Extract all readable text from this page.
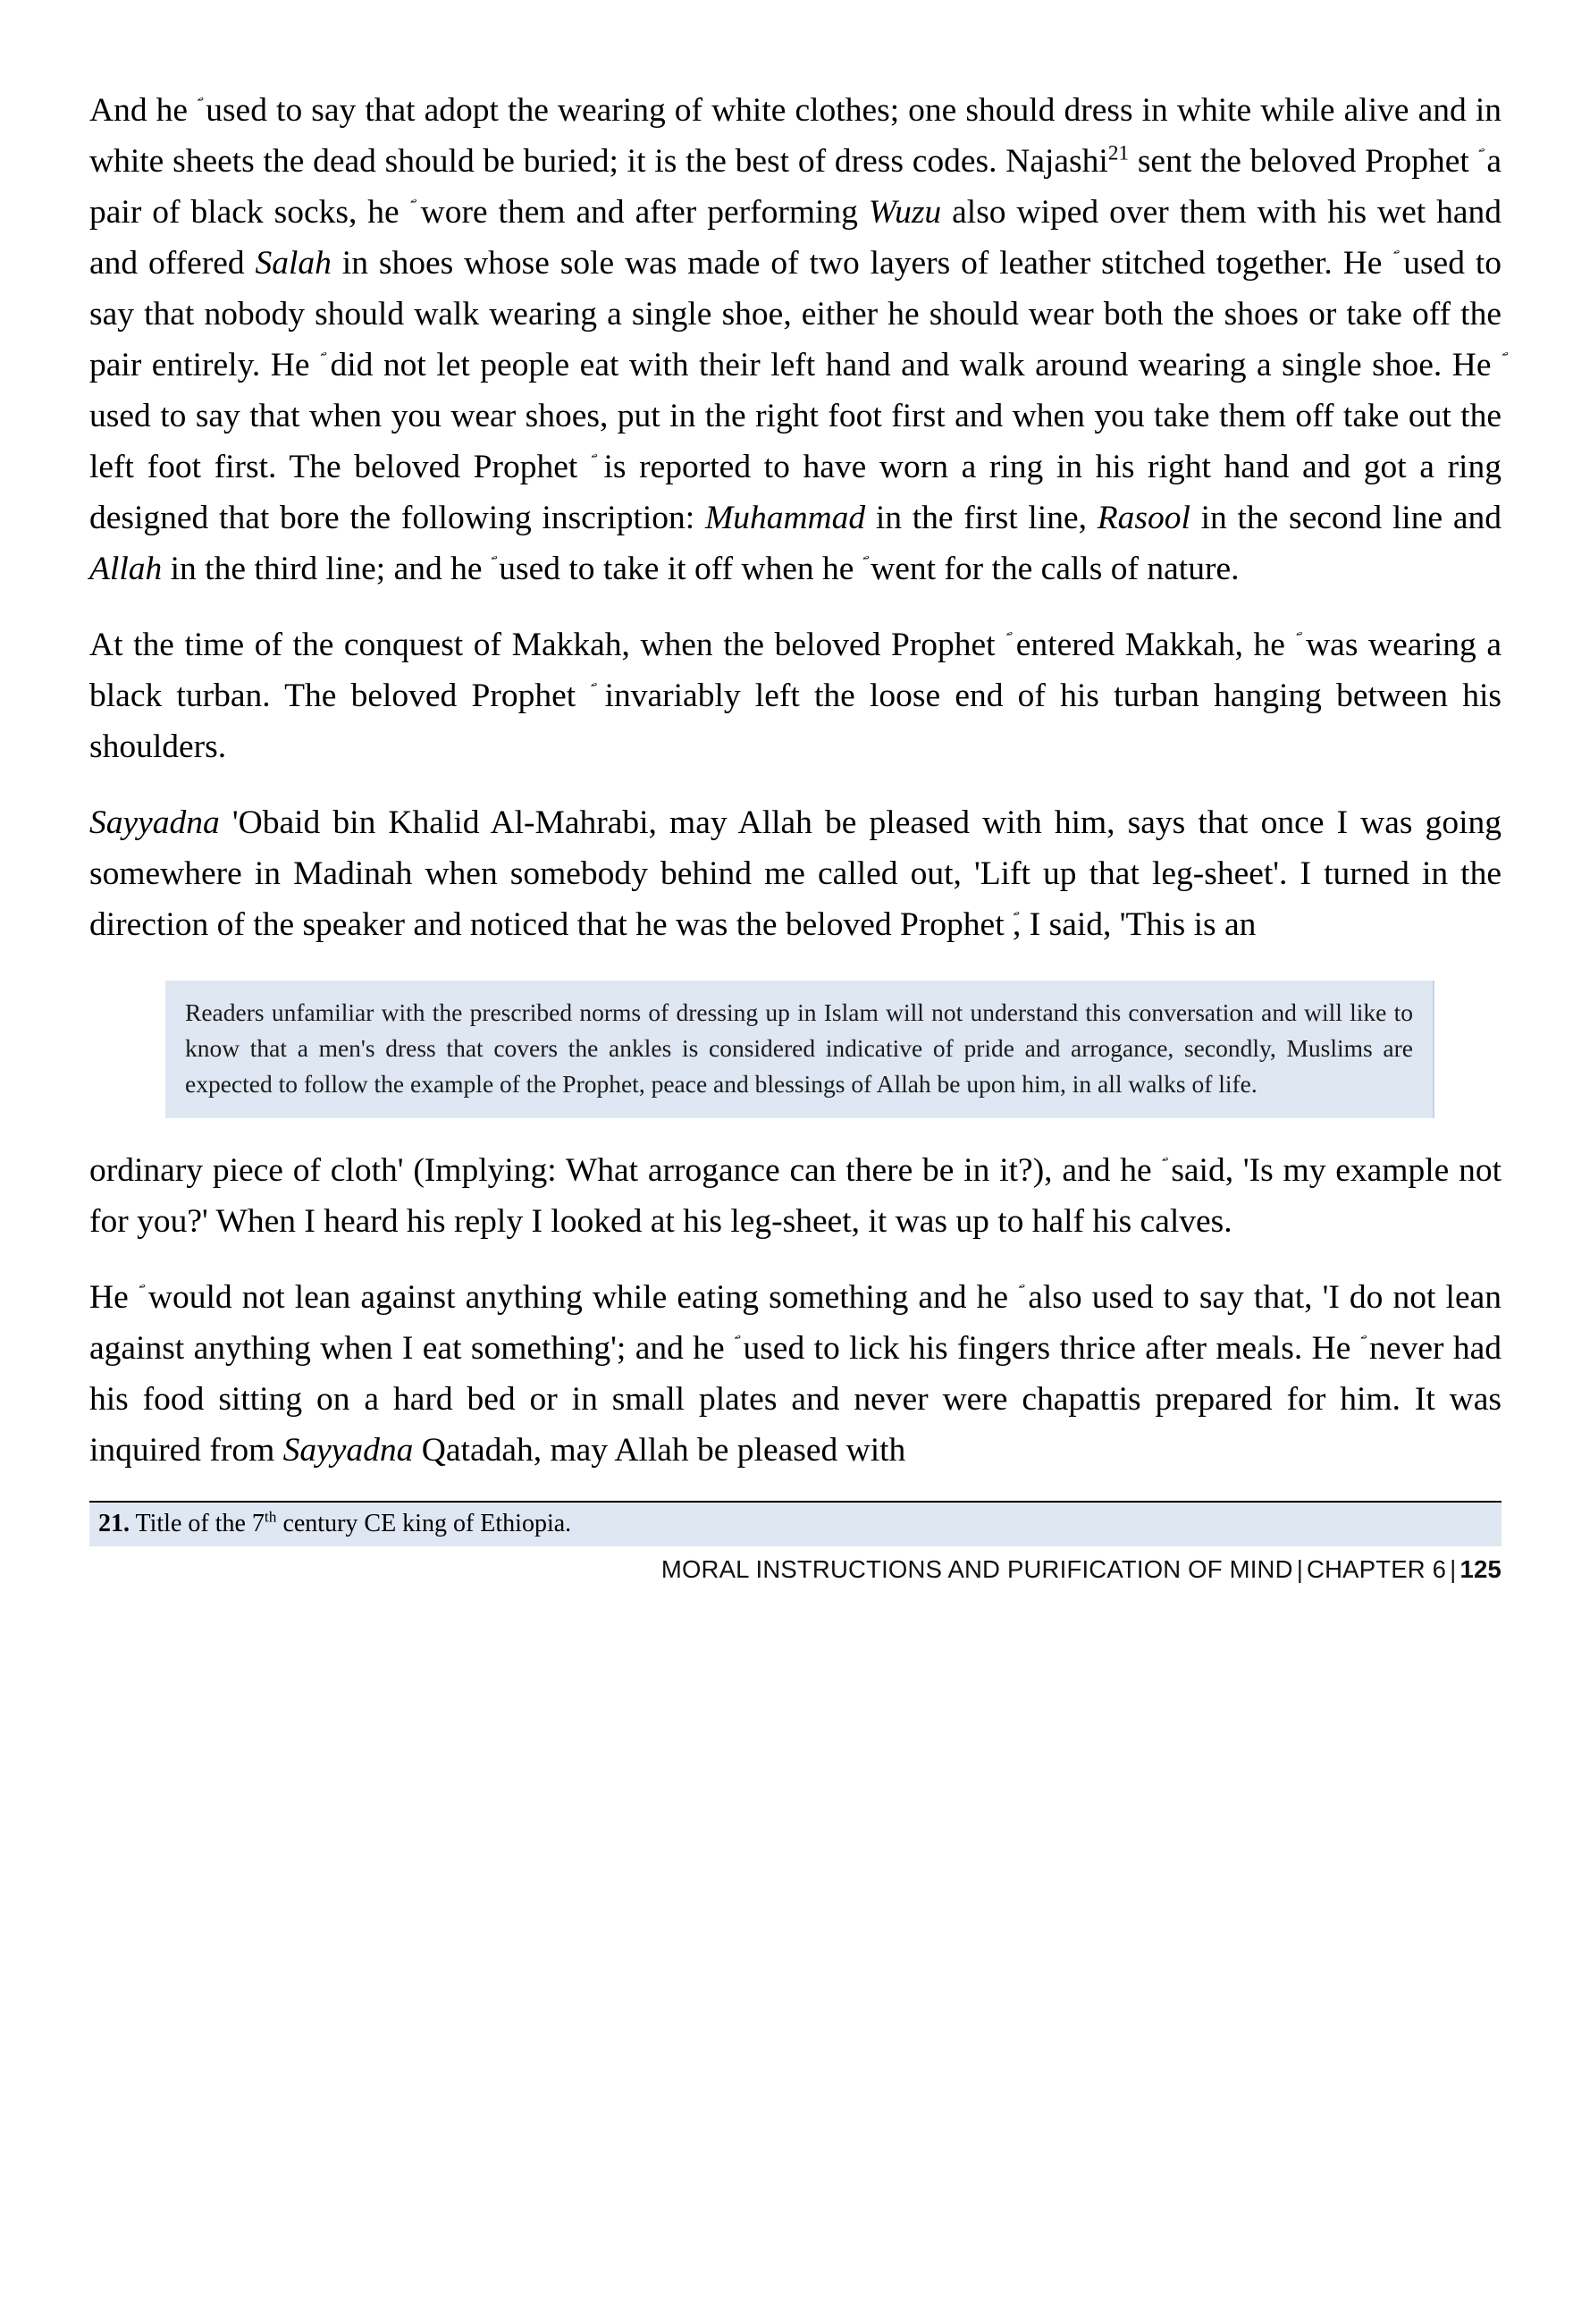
And he used to say that adopt the wearing of white clothes; one should dress in white while alive and in white sheets the dead should be buried; it is the best of dress codes. Najashi$^{21}$ sent the beloved Prophet a pair of black socks, he wore them and after performing Wuzu also wiped over them with his wet hand and offered Salah in shoes whose sole was made of two layers of leather stitched together. He used to say that nobody should walk wearing a single shoe, either he should wear both the shoes or take off the pair entirely. He did not let people eat with their left hand and walk around wearing a single shoe. He used to say that when you wear shoes, put in the right foot first and when you take them off take out the left foot first. The beloved Prophet is reported to have worn a ring in his right hand and got a ring designed that bore the following inscription: Muhammad in the first line, Rasool in the second line and Allah in the third line; and he used to take it off when he went for the calls of nature.

At the time of the conquest of Makkah, when the beloved Prophet entered Makkah, he was wearing a black turban. The beloved Prophet invariably left the loose end of his turban hanging between his shoulders.

Sayyadna 'Obaid bin Khalid Al-Mahrabi, may Allah be pleased with him, says that once I was going somewhere in Madinah when somebody behind me called out, 'Lift up that leg-sheet'. I turned in the direction of the speaker and noticed that he was the beloved Prophet , I said, 'This is an

Readers unfamiliar with the prescribed norms of dressing up in Islam will not understand this conversation and will like to know that a men's dress that covers the ankles is considered indicative of pride and arrogance, secondly, Muslims are expected to follow the example of the Prophet, peace and blessings of Allah be upon him, in all walks of life.

ordinary piece of cloth' (Implying: What arrogance can there be in it?), and he said, 'Is my example not for you?' When I heard his reply I looked at his leg-sheet, it was up to half his calves.

He would not lean against anything while eating something and he also used to say that, 'I do not lean against anything when I eat something'; and he used to lick his fingers thrice after meals. He never had his food sitting on a hard bed or in small plates and never were chapattis prepared for him. It was inquired from Sayyadna Qatadah, may Allah be pleased with

21. Title of the 7th century CE king of Ethiopia.
MORAL INSTRUCTIONS AND PURIFICATION OF MIND | CHAPTER 6 | 125
